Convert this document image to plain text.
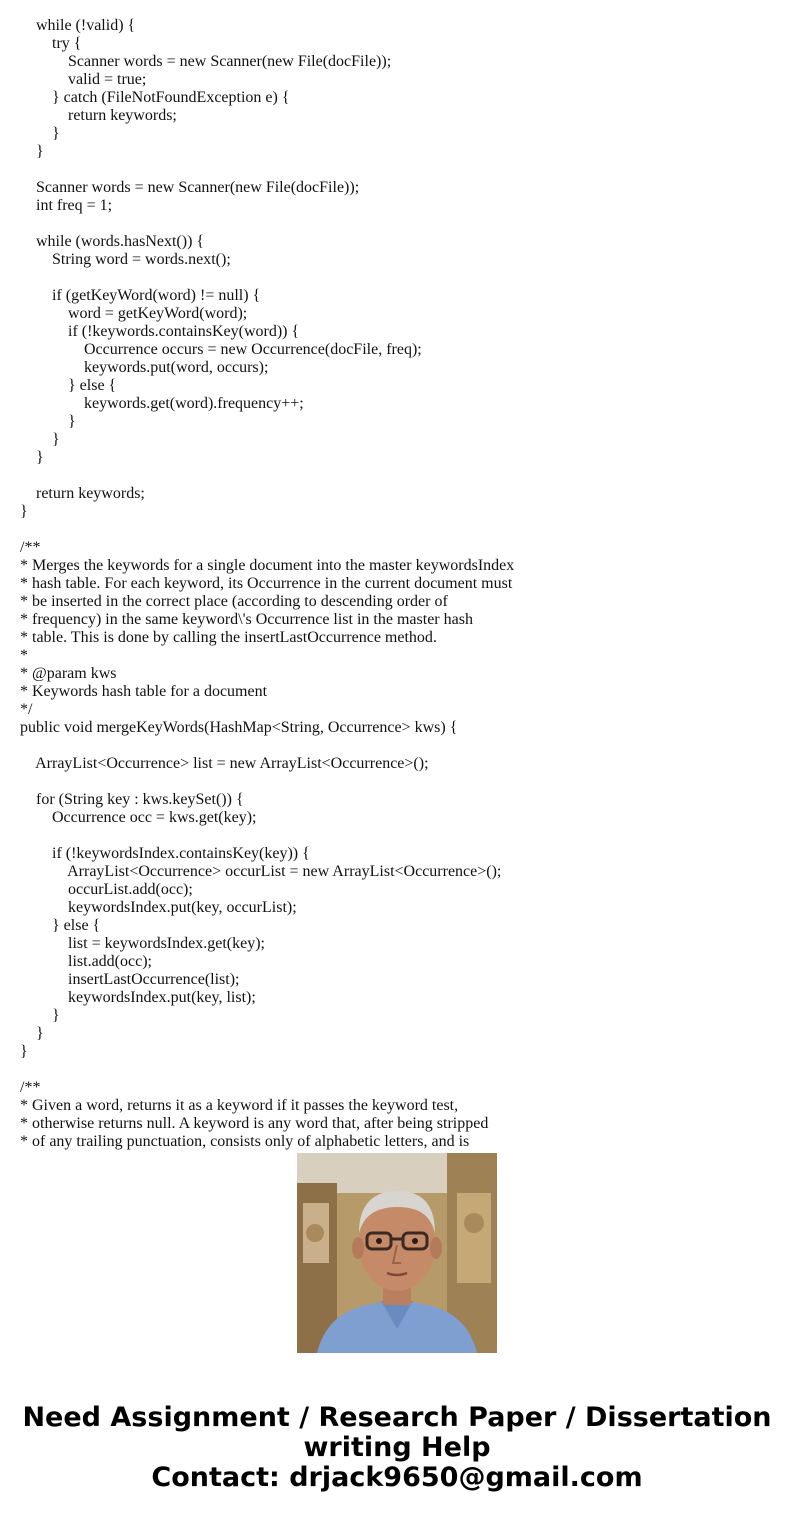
while (!valid) {
try {
Scanner words = new Scanner(new File(docFile));
valid = true;
} catch (FileNotFoundException e) {
return keywords;
}
}
Scanner words = new Scanner(new File(docFile));
int freq = 1;
while (words.hasNext()) {
String word = words.next();
if (getKeyWord(word) != null) {
word = getKeyWord(word);
if (!keywords.containsKey(word)) {
Occurrence occurs = new Occurrence(docFile, freq);
keywords.put(word, occurs);
} else {
keywords.get(word).frequency++;
}
}
}
return keywords;
}
/**
* Merges the keywords for a single document into the master keywordsIndex
* hash table. For each keyword, its Occurrence in the current document must
* be inserted in the correct place (according to descending order of
* frequency) in the same keyword\'s Occurrence list in the master hash
* table. This is done by calling the insertLastOccurrence method.
*
* @param kws
* Keywords hash table for a document
*/
public void mergeKeyWords(HashMap<String, Occurrence> kws) {
ArrayList<Occurrence> list = new ArrayList<Occurrence>();
for (String key : kws.keySet()) {
Occurrence occ = kws.get(key);
if (!keywordsIndex.containsKey(key)) {
ArrayList<Occurrence> occurList = new ArrayList<Occurrence>();
occurList.add(occ);
keywordsIndex.put(key, occurList);
} else {
list = keywordsIndex.get(key);
list.add(occ);
insertLastOccurrence(list);
keywordsIndex.put(key, list);
}
}
}
/**
* Given a word, returns it as a keyword if it passes the keyword test,
* otherwise returns null. A keyword is any word that, after being stripped
* of any trailing punctuation, consists only of alphabetic letters, and is
Need Assignment / Research Paper / Dissertation
writing Help
Contact: drjack9650@gmail.com
